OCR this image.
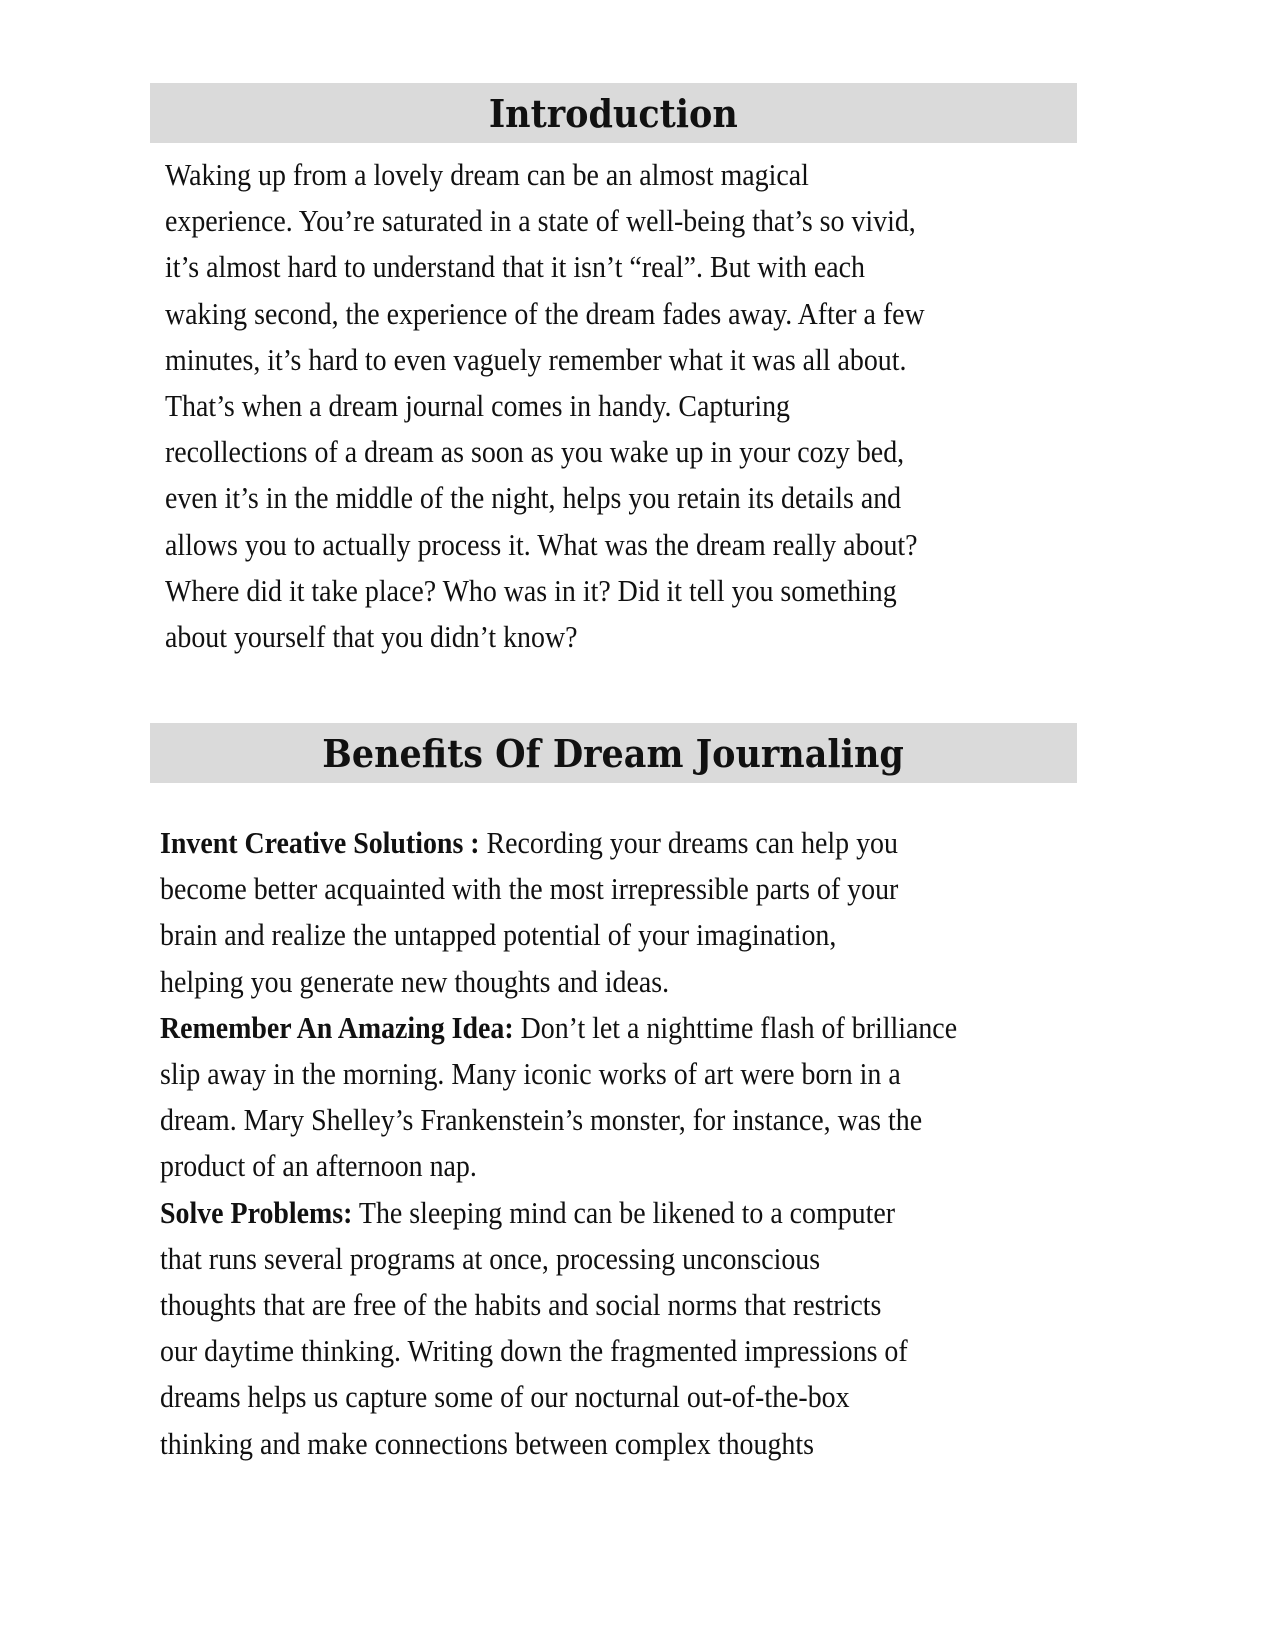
Introduction
Waking up from a lovely dream can be an almost magical
experience. You’re saturated in a state of well-being that’s so vivid,
it’s almost hard to understand that it isn’t “real”. But with each
waking second, the experience of the dream fades away. After a few
minutes, it’s hard to even vaguely remember what it was all about.
That’s when a dream journal comes in handy. Capturing
recollections of a dream as soon as you wake up in your cozy bed,
even it’s in the middle of the night, helps you retain its details and
allows you to actually process it. What was the dream really about?
Where did it take place? Who was in it? Did it tell you something
about yourself that you didn’t know?
Benefits Of Dream Journaling
Invent Creative Solutions : Recording your dreams can help you
become better acquainted with the most irrepressible parts of your
brain and realize the untapped potential of your imagination,
helping you generate new thoughts and ideas.
Remember An Amazing Idea: Don’t let a nighttime flash of brilliance
slip away in the morning. Many iconic works of art were born in a
dream. Mary Shelley’s Frankenstein’s monster, for instance, was the
product of an afternoon nap.
Solve Problems: The sleeping mind can be likened to a computer
that runs several programs at once, processing unconscious
thoughts that are free of the habits and social norms that restricts
our daytime thinking. Writing down the fragmented impressions of
dreams helps us capture some of our nocturnal out-of-the-box
thinking and make connections between complex thoughts
